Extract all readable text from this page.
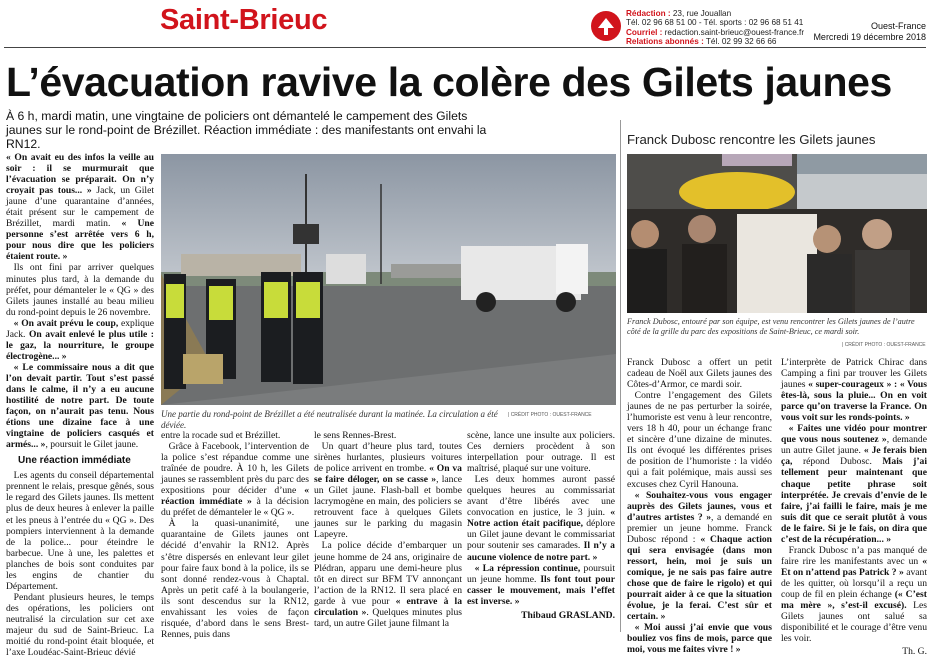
Saint-Brieuc	Rédaction : 23, rue Jouallan
Tél. 02 96 68 51 00 - Tél. sports : 02 96 68 51 41
Courriel : redaction.saint-brieuc@ouest-france.fr
Relations abonnés : Tél. 02 99 32 66 66
Ouest-France
Mercredi 19 décembre 2018
L’évacuation ravive la colère des Gilets jaunes
À 6 h, mardi matin, une vingtaine de policiers ont démantelé le campement des Gilets jaunes sur le rond-point de Brézillet. Réaction immédiate : des manifestants ont envahi la RN12.
Une partie du rond-point de Brézillet a été neutralisée durant la matinée. La circulation a été déviée.
| CRÉDIT PHOTO : OUEST-FRANCE

« On avait eu des infos la veille au soir : il se murmurait que l’évacuation se préparait. On n’y croyait pas tous... » Jack, un Gilet jaune d’une quarantaine d’années, était présent sur le campement de Brézillet, mardi matin. « Une personne s’est arrêtée vers 6 h, pour nous dire que les policiers étaient route. »

Ils ont fini par arriver quelques minutes plus tard, à la demande du préfet, pour démanteler le « QG » des Gilets jaunes installé au beau milieu du rond-point depuis le 26 novembre.

« On avait prévu le coup, explique Jack. On avait enlevé le plus utile : le gaz, la nourriture, le groupe électrogène... »

« Le commissaire nous a dit que l’on devait partir. Tout s’est passé dans le calme, il n’y a eu aucune hostilité de notre part. De toute façon, on n’aurait pas tenu. Nous étions une dizaine face à une vingtaine de policiers casqués et armés... », poursuit le Gilet jaune.

Une réaction immédiate

Les agents du conseil départemental prennent le relais, presque gênés, sous le regard des Gilets jaunes. Ils mettent plus de deux heures à enlever la paille et les pneus à l’entrée du « QG ». Des pompiers interviennent à la demande de la police... pour éteindre le barbecue. Une à une, les palettes et planches de bois sont conduites par les engins de chantier du Département.

Pendant plusieurs heures, le temps des opérations, les policiers ont neutralisé la circulation sur cet axe majeur du sud de Saint-Brieuc. La moitié du rond-point était bloquée, et l’axe Loudéac-Saint-Brieuc dévié

entre la rocade sud et Brézillet.

Grâce à Facebook, l’intervention de la police s’est répandue comme une traînée de poudre. À 10 h, les Gilets jaunes se rassemblent près du parc des expositions pour décider d’une « réaction immédiate » à la décision du préfet de démanteler le « QG ».

À la quasi-unanimité, une quarantaine de Gilets jaunes ont décidé d’envahir la RN12. Après s’être dispersés en enlevant leur gilet pour faire faux bond à la police, ils se sont donné rendez-vous à Chaptal. Après un petit café à la boulangerie, ils sont descendus sur la RN12, envahissant les voies de façon risquée, d’abord dans le sens Brest-Rennes, puis dans

le sens Rennes-Brest.

Un quart d’heure plus tard, toutes sirènes hurlantes, plusieurs voitures de police arrivent en trombe. « On va se faire déloger, on se casse », lance un Gilet jaune. Flash-ball et bombe lacrymogène en main, des policiers se retrouvent face à quelques Gilets jaunes sur le parking du magasin Lapeyre.

La police décide d’embarquer un jeune homme de 24 ans, originaire de Plédran, apparu une demi-heure plus tôt en direct sur BFM TV annonçant l’action de la RN12. Il sera placé en garde à vue pour « entrave à la circulation ». Quelques minutes plus tard, un autre Gilet jaune filmant la

scène, lance une insulte aux policiers. Ces derniers procèdent à son interpellation pour outrage. Il est maîtrisé, plaqué sur une voiture.

Les deux hommes auront passé quelques heures au commissariat avant d’être libérés avec une convocation en justice, le 3 juin. « Notre action était pacifique, déplore un Gilet jaune devant le commissariat pour soutenir ses camarades. Il n’y a aucune violence de notre part. »

« La répression continue, poursuit un jeune homme. Ils font tout pour casser le mouvement, mais l’effet est inverse. »

Thibaud GRASLAND.
Franck Dubosc rencontre les Gilets jaunes
Franck Dubosc, entouré par son équipe, est venu rencontrer les Gilets jaunes de l’autre côté de la grille du parc des expositions de Saint-Brieuc, ce mardi soir.
| CRÉDIT PHOTO : OUEST-FRANCE

Franck Dubosc a offert un petit cadeau de Noël aux Gilets jaunes des Côtes-d’Armor, ce mardi soir.

Contre l’engagement des Gilets jaunes de ne pas perturber la soirée, l’humoriste est venu à leur rencontre, vers 18 h 40, pour un échange franc et sincère d’une dizaine de minutes. Ils ont évoqué les différentes prises de position de l’humoriste : la vidéo qui a fait polémique, mais aussi ses excuses chez Cyril Hanouna.

« Souhaitez-vous vous engager auprès des Gilets jaunes, vous et d’autres artistes ? », a demandé en premier un jeune homme. Franck Dubosc répond : « Chaque action qui sera envisagée (dans mon ressort, hein, moi je suis un comique, je ne sais pas faire autre chose que de faire le rigolo) et qui pourrait aider à ce que la situation évolue, je la ferai. C’est sûr et certain. »

« Moi aussi j’ai envie que vous bouliez vos fins de mois, parce que moi, vous me faites vivre ! »

L’interprète de Patrick Chirac dans Camping a fini par trouver les Gilets jaunes « super-courageux » : « Vous êtes-là, sous la pluie... On en voit parce qu’on traverse la France. On vous voit sur les ronds-points. »

« Faites une vidéo pour montrer que vous nous soutenez », demande un autre Gilet jaune. « Je ferais bien ça, répond Dubosc. Mais j’ai tellement peur maintenant que chaque petite phrase soit interprétée. Je crevais d’envie de le faire, j’ai failli le faire, mais je me suis dit que ce serait plutôt à vous de le faire. Si je le fais, on dira que c’est de la récupération... »

Franck Dubosc n’a pas manqué de faire rire les manifestants avec un « Et on n’attend pas Patrick ? » avant de les quitter, où lorsqu’il a reçu un coup de fil en plein échange (« C’est ma mère », s’est-il excusé). Les Gilets jaunes ont salué sa disponibilité et le courage d’être venu les voir.

Th. G.
